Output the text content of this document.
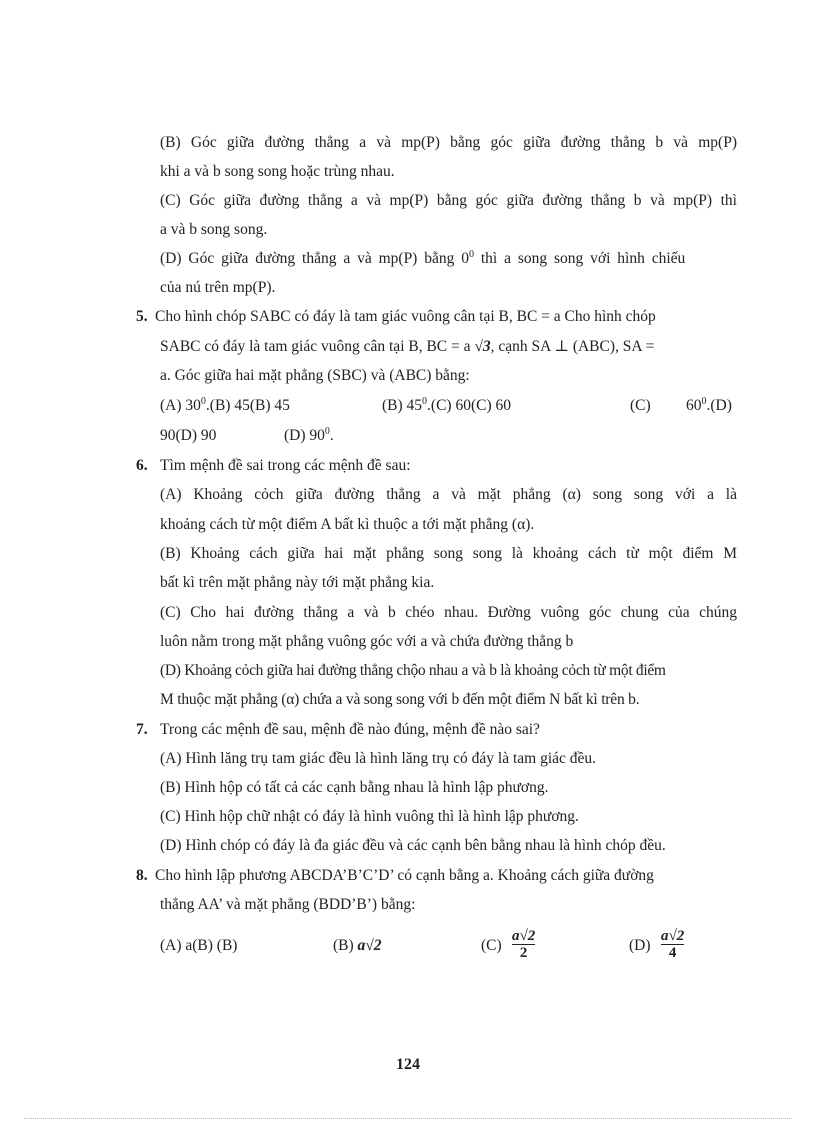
(B) Góc giữa đường thẳng a và mp(P) bằng góc giữa đường thẳng b và mp(P)
khi a và b song song hoặc trùng nhau.
(C) Góc giữa đường thẳng a và mp(P) bằng góc giữa đường thẳng b và mp(P) thì
a và b song song.
(D) Góc giữa đường thẳng a và mp(P) bằng $0^0$ thì a song song với hình chiếu
của nú trên mp(P).
5. Cho hình chóp SABC có đáy là tam giác vuông cân tại B, BC = a Cho hình chóp
SABC có đáy là tam giác vuông cân tại B, BC = a √3, cạnh SA ⊥ (ABC), SA =
a. Góc giữa hai mặt phẳng (SBC) và (ABC) bằng:
(A) $30^0.(B)$ 45(B) 45	(B) $45^0.(C)$ 60(C) 60	(C) $60^0.(D)$
90(D) 90	(D) $90^0$.
6. Tìm mệnh đề sai trong các mệnh đề sau:
(A) Khoảng cỏch giữa đường thẳng a và mặt phẳng (α) song song với a là
khoảng cách từ một điểm A bất kì thuộc a tới mặt phẳng (α).
(B) Khoảng cách giữa hai mặt phẳng song song là khoảng cách từ một điểm M
bất kì trên mặt phẳng này tới mặt phẳng kia.
(C) Cho hai đường thẳng a và b chéo nhau. Đường vuông góc chung của chúng
luôn nằm trong mặt phẳng vuông góc với a và chứa đường thẳng b
(D) Khoảng cỏch giữa hai đường thẳng chộo nhau a và b là khoảng cỏch từ một điểm
M thuộc mặt phẳng (α) chứa a và song song với b đến một điểm N bất kì trên b.
7. Trong các mệnh đề sau, mệnh đề nào đúng, mệnh đề nào sai?
(A) Hình lăng trụ tam giác đều là hình lăng trụ có đáy là tam giác đều.
(B) Hình hộp có tất cả các cạnh bằng nhau là hình lập phương.
(C) Hình hộp chữ nhật có đáy là hình vuông thì là hình lập phương.
(D) Hình chóp có đáy là đa giác đều và các cạnh bên bằng nhau là hình chóp đều.
8. Cho hình lập phương ABCDA’B’C’D’ có cạnh bằng a. Khoảng cách giữa đường
thẳng AA’ và mặt phẳng (BDD’B’) bằng:
(A) a(B) (B)	(B) a√2	$(C) \frac{a√2}{2}$	$(D) \frac{a√2}{4}$
124
